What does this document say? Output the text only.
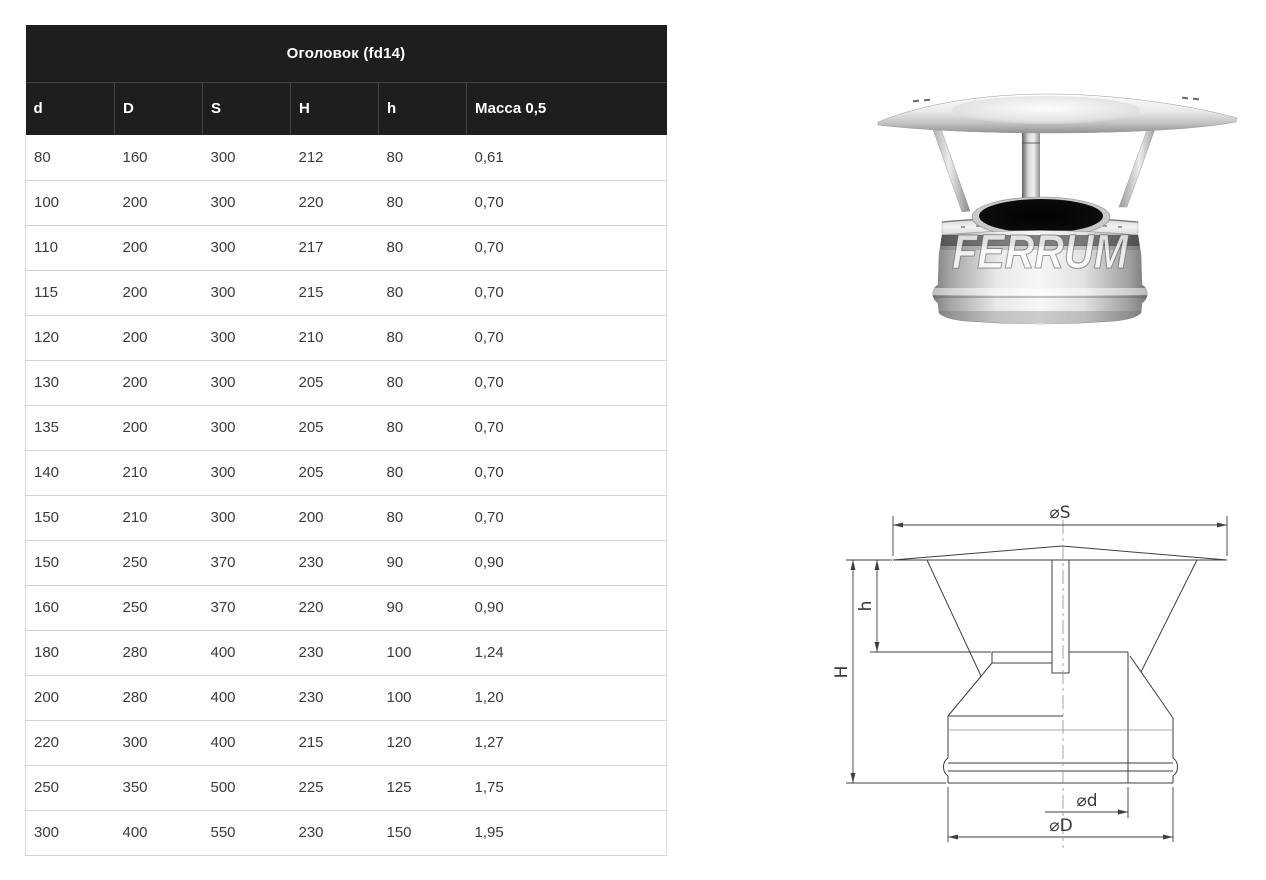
Оголовок (fd14)					
d	D	S	H	h	Масса 0,5
80	160	300	212	80	0,61
100	200	300	220	80	0,70
110	200	300	217	80	0,70
115	200	300	215	80	0,70
120	200	300	210	80	0,70
130	200	300	205	80	0,70
135	200	300	205	80	0,70
140	210	300	205	80	0,70
150	210	300	200	80	0,70
150	250	370	230	90	0,90
160	250	370	220	90	0,90
180	280	400	230	100	1,24
200	280	400	230	100	1,20
220	300	400	215	120	1,27
250	350	500	225	125	1,75
300	400	550	230	150	1,95
FERRUM
⌀S
H
h
⌀d
⌀D
